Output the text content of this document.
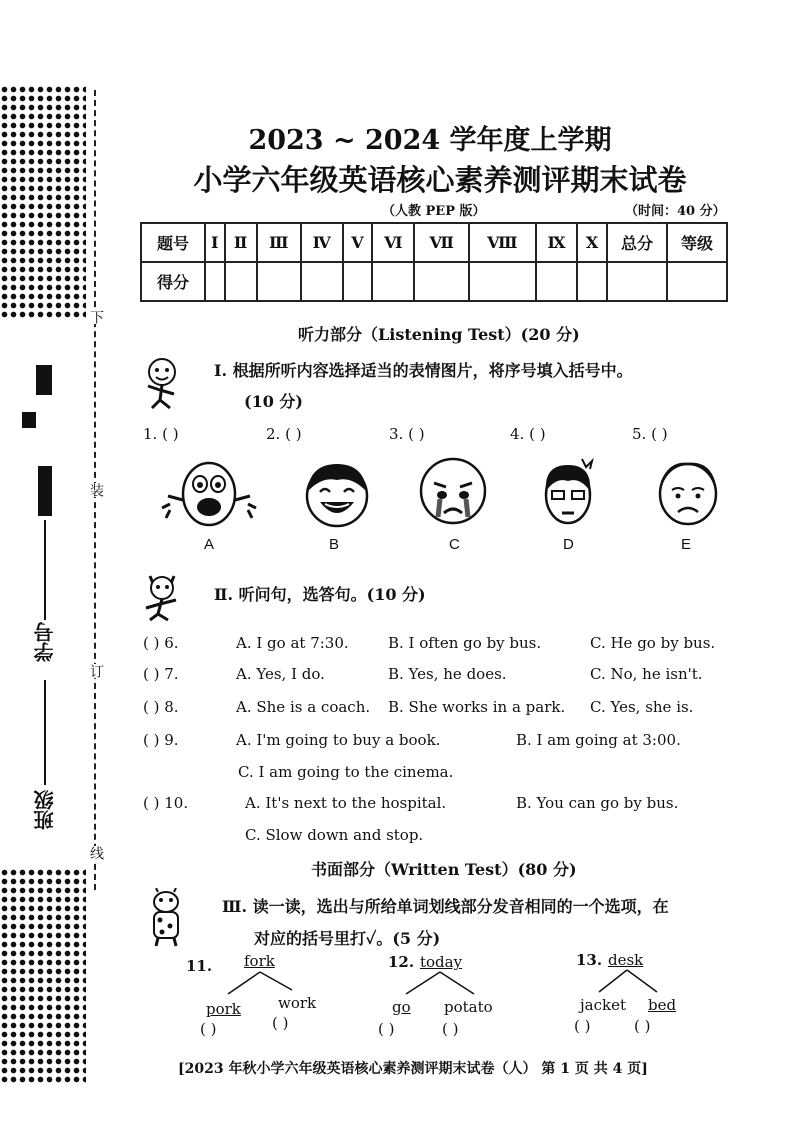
下
装
订
线
学号
班级
2023 ~ 2024 学年度上学期
小学六年级英语核心素养测评期末试卷
（人教 PEP 版）	（时间：40 分）
题号	Ⅰ	Ⅱ	Ⅲ	Ⅳ	Ⅴ	Ⅵ	Ⅶ	Ⅷ	Ⅸ	Ⅹ	总分	等级
得分												
听力部分（Listening Test）(20 分)
Ⅰ. 根据所听内容选择适当的表情图片，将序号填入括号中。
(10 分)
1. ( )	2. ( )	3. ( )	4. ( )	5. ( )
A	B	C	D	E
Ⅱ. 听问句，选答句。(10 分)
( ) 6.	A. I go at 7:30.	B. I often go by bus.	C. He go by bus.
( ) 7.	A. Yes, I do.	B. Yes, he does.	C. No, he isn't.
( ) 8.	A. She is a coach. B. She works in a park. C. Yes, she is.
( ) 9.	A. I'm going to buy a book.	B. I am going at 3:00.
C. I am going to the cinema.
( ) 10.	A. It's next to the hospital.	B. You can go by bus.
C. Slow down and stop.
书面部分（Written Test）(80 分)
Ⅲ. 读一读，选出与所给单词划线部分发音相同的一个选项，在
对应的括号里打✓。(5 分)
11. fork
pork work
( )	( )
12. today
go potato
( )	( )
13. desk
jacket bed
( )	( )
[2023 年秋小学六年级英语核心素养测评期末试卷（人） 第 1 页 共 4 页]
